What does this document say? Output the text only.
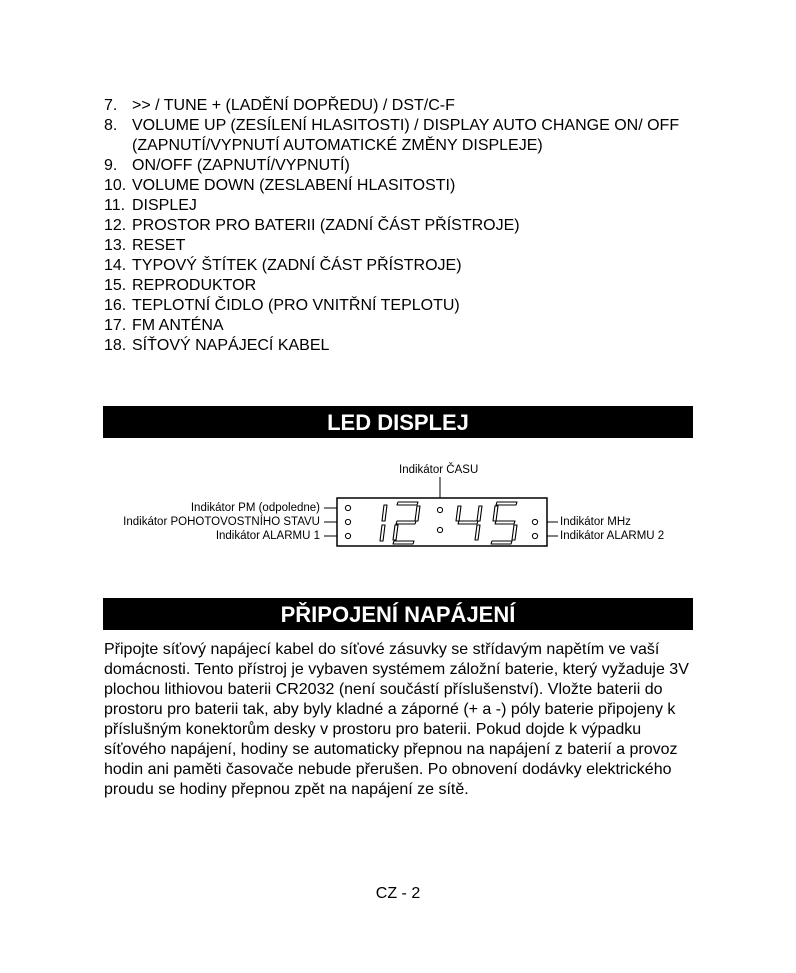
7. >> / TUNE + (LADĚNÍ DOPŘEDU) / DST/C-F
8. VOLUME UP (ZESÍLENÍ HLASITOSTI) / DISPLAY AUTO CHANGE ON/ OFF (ZAPNUTÍ/VYPNUTÍ AUTOMATICKÉ ZMĚNY DISPLEJE)
9. ON/OFF (ZAPNUTÍ/VYPNUTÍ)
10. VOLUME DOWN (ZESLABENÍ HLASITOSTI)
11. DISPLEJ
12. PROSTOR PRO BATERII (ZADNÍ ČÁST PŘÍSTROJE)
13. RESET
14. TYPOVÝ ŠTÍTEK (ZADNÍ ČÁST PŘÍSTROJE)
15. REPRODUKTOR
16. TEPLOTNÍ ČIDLO (PRO VNITŘNÍ TEPLOTU)
17. FM ANTÉNA
18. SÍŤOVÝ NAPÁJECÍ KABEL
LED DISPLEJ
Indikátor ČASU
Indikátor PM (odpoledne)
Indikátor POHOTOVOSTNÍHO STAVU
Indikátor ALARMU 1
Indikátor MHz
Indikátor ALARMU 2
PŘIPOJENÍ NAPÁJENÍ

Připojte síťový napájecí kabel do síťové zásuvky se střídavým napětím ve vaší domácnosti. Tento přístroj je vybaven systémem záložní baterie, který vyžaduje 3V plochou lithiovou baterii CR2032 (není součástí příslušenství). Vložte baterii do prostoru pro baterii tak, aby byly kladné a záporné (+ a -) póly baterie připojeny k příslušným konektorům desky v prostoru pro baterii. Pokud dojde k výpadku síťového napájení, hodiny se automaticky přepnou na napájení z baterií a provoz hodin ani paměti časovače nebude přerušen. Po obnovení dodávky elektrického proudu se hodiny přepnou zpět na napájení ze sítě.

CZ - 2
